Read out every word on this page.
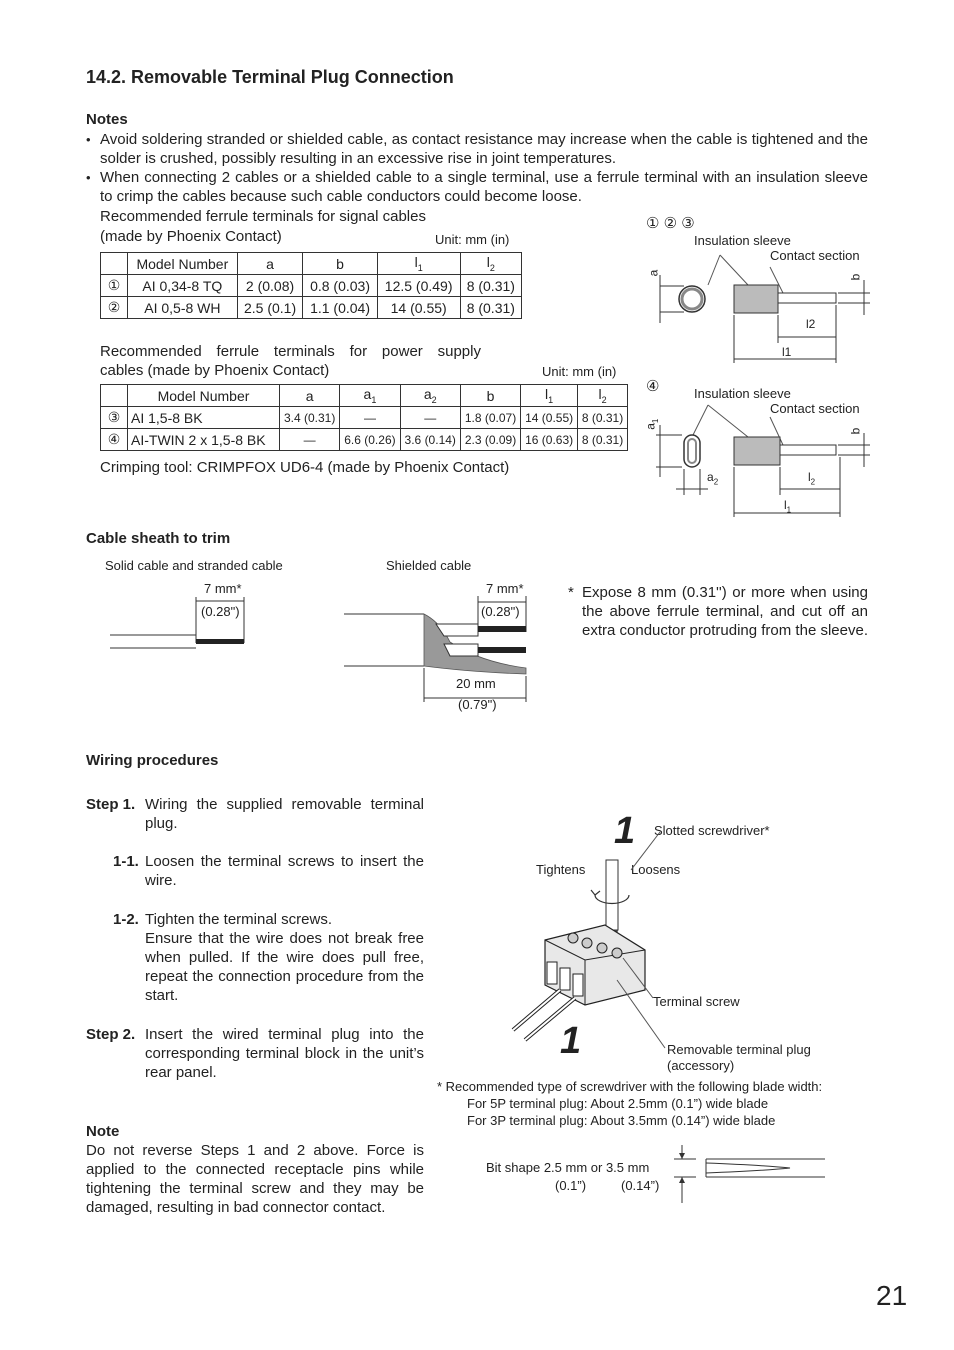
14.2. Removable Terminal Plug Connection
Notes
• Avoid soldering stranded or shielded cable, as contact resistance may increase when the cable is tightened and the solder is crushed, possibly resulting in an excessive rise in joint temperatures.
• When connecting 2 cables or a shielded cable to a single terminal, use a ferrule terminal with an insulation sleeve to crimp the cables because such cable conductors could become loose.
Recommended ferrule terminals for signal cables
(made by Phoenix Contact)	Unit: mm (in)
	Model Number	a	b	$l_1$	$l_2$
①	AI 0,34-8 TQ	2 (0.08)	0.8 (0.03)	12.5 (0.49)	8 (0.31)
②	AI 0,5-8 WH	2.5 (0.1)	1.1 (0.04)	14 (0.55)	8 (0.31)
Recommended ferrule terminals for power supply
cables (made by Phoenix Contact)	Unit: mm (in)
	Model Number	a	$a_1$	$a_2$	b	$l_1$	$l_2$
③	AI 1,5-8 BK	3.4 (0.31)	—	—	1.8 (0.07)	14 (0.55)	8 (0.31)
④	AI-TWIN 2 x 1,5-8 BK	—	6.6 (0.26)	3.6 (0.14)	2.3 (0.09)	16 (0.63)	8 (0.31)
Crimping tool: CRIMPFOX UD6-4 (made by Phoenix Contact)
① ② ③
Insulation sleeve
Contact section
a
b
l2
l1
④	Insulation sleeve
Contact section
$a_1$
b
$a_2$	$l_2$
$l_1$
Cable sheath to trim
Solid cable and stranded cable	Shielded cable
7 mm*
(0.28")
7 mm*
(0.28")
20 mm
(0.79")
* Expose 8 mm (0.31'') or more when using the above ferrule terminal, and cut off an extra conductor protruding from the sleeve.
Wiring procedures
Step 1. Wiring the supplied removable terminal plug.
1-1. Loosen the terminal screws to insert the wire.
1-2. Tighten the terminal screws.
Ensure that the wire does not break free when pulled. If the wire does pull free, repeat the connection procedure from the start.
Step 2. Insert the wired terminal plug into the corresponding terminal block in the unit’s rear panel.
Note
Do not reverse Steps 1 and 2 above. Force is applied to the connected receptacle pins while tightening the terminal screw and they may be damaged, resulting in bad connector contact.
1 Slotted screwdriver*
Tightens	Loosens
Terminal screw
1	Removable terminal plug
(accessory)
* Recommended type of screwdriver with the following blade width:
For 5P terminal plug: About 2.5mm (0.1”) wide blade
For 3P terminal plug: About 3.5mm (0.14”) wide blade
Bit shape 2.5 mm or 3.5 mm
(0.1”)	(0.14”)
21
